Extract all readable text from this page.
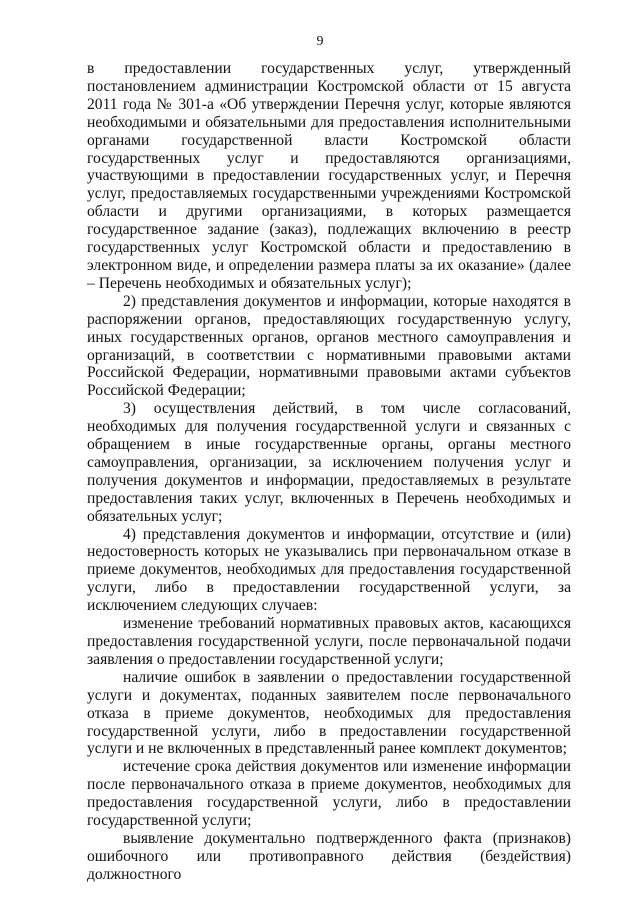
9

в предоставлении государственных услуг, утвержденный постановлением администрации Костромской области от 15 августа 2011 года № 301-а «Об утверждении Перечня услуг, которые являются необходимыми и обязательными для предоставления исполнительными органами государственной власти Костромской области государственных услуг и предоставляются организациями, участвующими в предоставлении государственных услуг, и Перечня услуг, предоставляемых государственными учреждениями Костромской области и другими организациями, в которых размещается государственное задание (заказ), подлежащих включению в реестр государственных услуг Костромской области и предоставлению в электронном виде, и определении размера платы за их оказание» (далее – Перечень необходимых и обязательных услуг);

2) представления документов и информации, которые находятся в распоряжении органов, предоставляющих государственную услугу, иных государственных органов, органов местного самоуправления и организаций, в соответствии с нормативными правовыми актами Российской Федерации, нормативными правовыми актами субъектов Российской Федерации;

3) осуществления действий, в том числе согласований, необходимых для получения государственной услуги и связанных с обращением в иные государственные органы, органы местного самоуправления, организации, за исключением получения услуг и получения документов и информации, предоставляемых в результате предоставления таких услуг, включенных в Перечень необходимых и обязательных услуг;

4) представления документов и информации, отсутствие и (или) недостоверность которых не указывались при первоначальном отказе в приеме документов, необходимых для предоставления государственной услуги, либо в предоставлении государственной услуги, за исключением следующих случаев:

изменение требований нормативных правовых актов, касающихся предоставления государственной услуги, после первоначальной подачи заявления о предоставлении государственной услуги;

наличие ошибок в заявлении о предоставлении государственной услуги и документах, поданных заявителем после первоначального отказа в приеме документов, необходимых для предоставления государственной услуги, либо в предоставлении государственной услуги и не включенных в представленный ранее комплект документов;

истечение срока действия документов или изменение информации после первоначального отказа в приеме документов, необходимых для предоставления государственной услуги, либо в предоставлении государственной услуги;

выявление документально подтвержденного факта (признаков) ошибочного или противоправного действия (бездействия) должностного
